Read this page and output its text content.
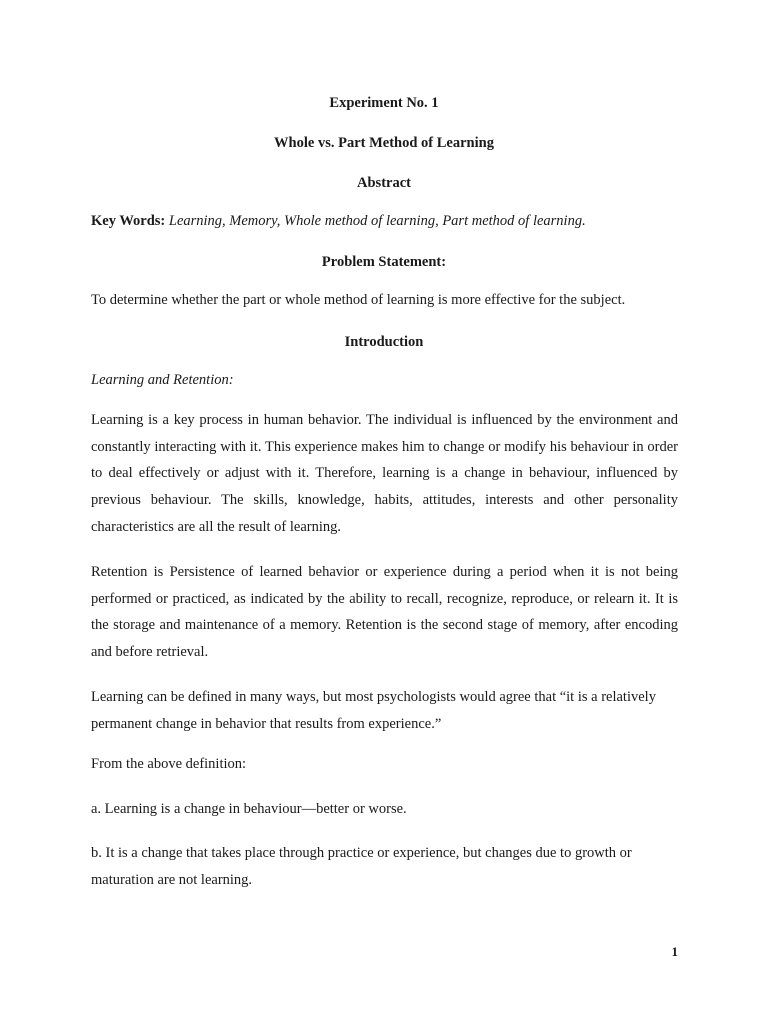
Experiment No. 1

Whole vs. Part Method of Learning

Abstract

Key Words: Learning, Memory, Whole method of learning, Part method of learning.

Problem Statement:

To determine whether the part or whole method of learning is more effective for the subject.

Introduction

Learning and Retention:

Learning is a key process in human behavior. The individual is influenced by the environment and constantly interacting with it. This experience makes him to change or modify his behaviour in order to deal effectively or adjust with it. Therefore, learning is a change in behaviour, influenced by previous behaviour. The skills, knowledge, habits, attitudes, interests and other personality characteristics are all the result of learning.

Retention is Persistence of learned behavior or experience during a period when it is not being performed or practiced, as indicated by the ability to recall, recognize, reproduce, or relearn it. It is the storage and maintenance of a memory. Retention is the second stage of memory, after encoding and before retrieval.

Learning can be defined in many ways, but most psychologists would agree that “it is a relatively permanent change in behavior that results from experience.”

From the above definition:

a. Learning is a change in behaviour—better or worse.

b. It is a change that takes place through practice or experience, but changes due to growth or maturation are not learning.

1
